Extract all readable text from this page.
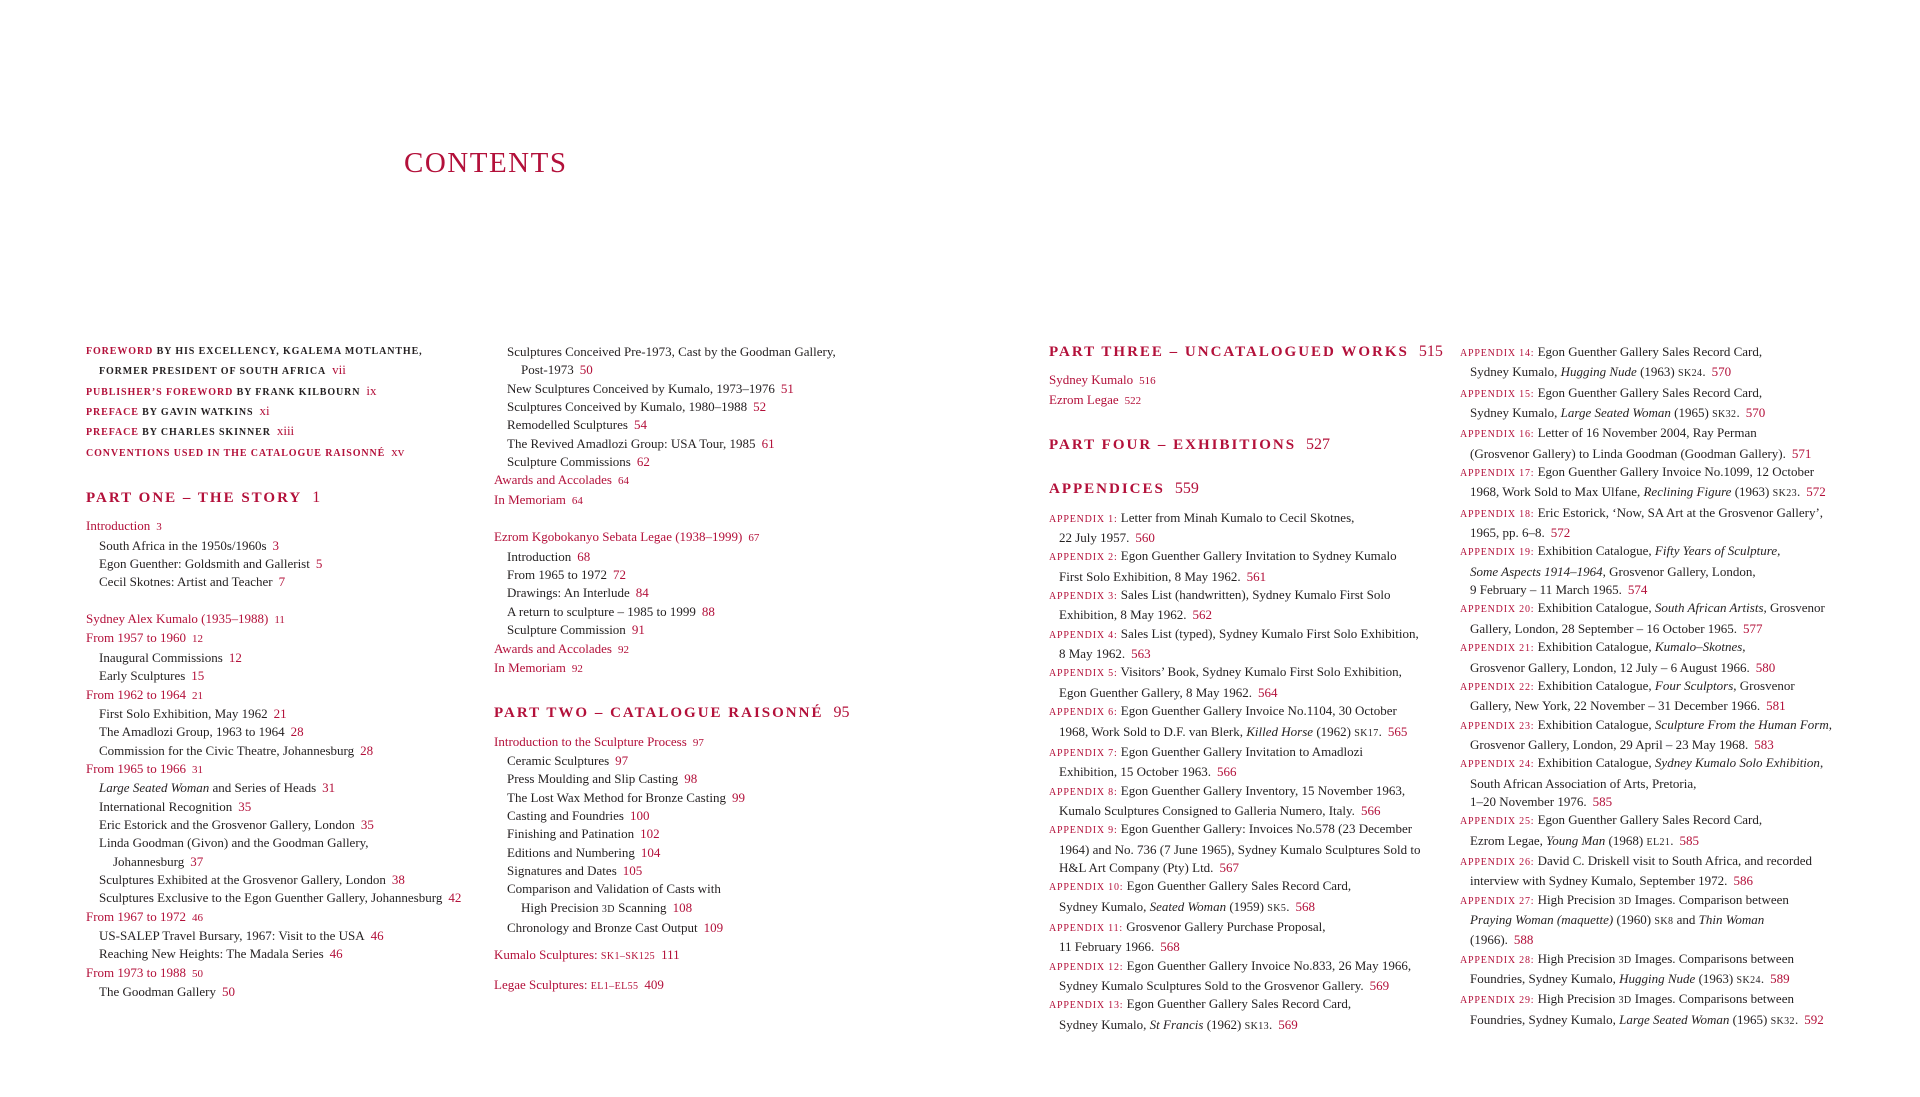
CONTENTS
FOREWORD BY HIS EXCELLENCY, KGALEMA MOTLANTHE,
FORMER PRESIDENT OF SOUTH AFRICA vii
PUBLISHER’S FOREWORD BY FRANK KILBOURN ix
PREFACE BY GAVIN WATKINS xi
PREFACE BY CHARLES SKINNER xiii
CONVENTIONS USED IN THE CATALOGUE RAISONNÉ xv
PART ONE – THE STORY 1
Introduction 3
South Africa in the 1950s/1960s 3
Egon Guenther: Goldsmith and Gallerist 5
Cecil Skotnes: Artist and Teacher 7
Sydney Alex Kumalo (1935–1988) 11
From 1957 to 1960 12
Inaugural Commissions 12
Early Sculptures 15
From 1962 to 1964 21
First Solo Exhibition, May 1962 21
The Amadlozi Group, 1963 to 1964 28
Commission for the Civic Theatre, Johannesburg 28
From 1965 to 1966 31
Large Seated Woman and Series of Heads 31
International Recognition 35
Eric Estorick and the Grosvenor Gallery, London 35
Linda Goodman (Givon) and the Goodman Gallery,
Johannesburg 37
Sculptures Exhibited at the Grosvenor Gallery, London 38
Sculptures Exclusive to the Egon Guenther Gallery, Johannesburg 42
From 1967 to 1972 46
US-SALEP Travel Bursary, 1967: Visit to the USA 46
Reaching New Heights: The Madala Series 46
From 1973 to 1988 50
The Goodman Gallery 50
Sculptures Conceived Pre-1973, Cast by the Goodman Gallery,
Post-1973 50
New Sculptures Conceived by Kumalo, 1973–1976 51
Sculptures Conceived by Kumalo, 1980–1988 52
Remodelled Sculptures 54
The Revived Amadlozi Group: USA Tour, 1985 61
Sculpture Commissions 62
Awards and Accolades 64
In Memoriam 64
Ezrom Kgobokanyo Sebata Legae (1938–1999) 67
Introduction 68
From 1965 to 1972 72
Drawings: An Interlude 84
A return to sculpture – 1985 to 1999 88
Sculpture Commission 91
Awards and Accolades 92
In Memoriam 92
PART TWO – CATALOGUE RAISONNÉ 95
Introduction to the Sculpture Process 97
Ceramic Sculptures 97
Press Moulding and Slip Casting 98
The Lost Wax Method for Bronze Casting 99
Casting and Foundries 100
Finishing and Patination 102
Editions and Numbering 104
Signatures and Dates 105
Comparison and Validation of Casts with
High Precision 3D Scanning 108
Chronology and Bronze Cast Output 109
Kumalo Sculptures: SK1–SK125 111
Legae Sculptures: EL1–EL55 409
PART THREE – UNCATALOGUED WORKS 515
Sydney Kumalo 516
Ezrom Legae 522
PART FOUR – EXHIBITIONS 527
APPENDICES 559
APPENDIX 1: Letter from Minah Kumalo to Cecil Skotnes,
22 July 1957. 560
APPENDIX 2: Egon Guenther Gallery Invitation to Sydney Kumalo
First Solo Exhibition, 8 May 1962. 561
APPENDIX 3: Sales List (handwritten), Sydney Kumalo First Solo
Exhibition, 8 May 1962. 562
APPENDIX 4: Sales List (typed), Sydney Kumalo First Solo Exhibition,
8 May 1962. 563
APPENDIX 5: Visitors’ Book, Sydney Kumalo First Solo Exhibition,
Egon Guenther Gallery, 8 May 1962. 564
APPENDIX 6: Egon Guenther Gallery Invoice No.1104, 30 October
1968, Work Sold to D.F. van Blerk, Killed Horse (1962) SK17. 565
APPENDIX 7: Egon Guenther Gallery Invitation to Amadlozi
Exhibition, 15 October 1963. 566
APPENDIX 8: Egon Guenther Gallery Inventory, 15 November 1963,
Kumalo Sculptures Consigned to Galleria Numero, Italy. 566
APPENDIX 9: Egon Guenther Gallery: Invoices No.578 (23 December
1964) and No. 736 (7 June 1965), Sydney Kumalo Sculptures Sold to
H&L Art Company (Pty) Ltd. 567
APPENDIX 10: Egon Guenther Gallery Sales Record Card,
Sydney Kumalo, Seated Woman (1959) SK5. 568
APPENDIX 11: Grosvenor Gallery Purchase Proposal,
11 February 1966. 568
APPENDIX 12: Egon Guenther Gallery Invoice No.833, 26 May 1966,
Sydney Kumalo Sculptures Sold to the Grosvenor Gallery. 569
APPENDIX 13: Egon Guenther Gallery Sales Record Card,
Sydney Kumalo, St Francis (1962) SK13. 569
APPENDIX 14: Egon Guenther Gallery Sales Record Card,
Sydney Kumalo, Hugging Nude (1963) SK24. 570
APPENDIX 15: Egon Guenther Gallery Sales Record Card,
Sydney Kumalo, Large Seated Woman (1965) SK32. 570
APPENDIX 16: Letter of 16 November 2004, Ray Perman
(Grosvenor Gallery) to Linda Goodman (Goodman Gallery). 571
APPENDIX 17: Egon Guenther Gallery Invoice No.1099, 12 October
1968, Work Sold to Max Ulfane, Reclining Figure (1963) SK23. 572
APPENDIX 18: Eric Estorick, ‘Now, SA Art at the Grosvenor Gallery’,
1965, pp. 6–8. 572
APPENDIX 19: Exhibition Catalogue, Fifty Years of Sculpture,
Some Aspects 1914–1964, Grosvenor Gallery, London,
9 February – 11 March 1965. 574
APPENDIX 20: Exhibition Catalogue, South African Artists, Grosvenor
Gallery, London, 28 September – 16 October 1965. 577
APPENDIX 21: Exhibition Catalogue, Kumalo–Skotnes,
Grosvenor Gallery, London, 12 July – 6 August 1966. 580
APPENDIX 22: Exhibition Catalogue, Four Sculptors, Grosvenor
Gallery, New York, 22 November – 31 December 1966. 581
APPENDIX 23: Exhibition Catalogue, Sculpture From the Human Form,
Grosvenor Gallery, London, 29 April – 23 May 1968. 583
APPENDIX 24: Exhibition Catalogue, Sydney Kumalo Solo Exhibition,
South African Association of Arts, Pretoria,
1–20 November 1976. 585
APPENDIX 25: Egon Guenther Gallery Sales Record Card,
Ezrom Legae, Young Man (1968) EL21. 585
APPENDIX 26: David C. Driskell visit to South Africa, and recorded
interview with Sydney Kumalo, September 1972. 586
APPENDIX 27: High Precision 3D Images. Comparison between
Praying Woman (maquette) (1960) SK8 and Thin Woman
(1966). 588
APPENDIX 28: High Precision 3D Images. Comparisons between
Foundries, Sydney Kumalo, Hugging Nude (1963) SK24. 589
APPENDIX 29: High Precision 3D Images. Comparisons between
Foundries, Sydney Kumalo, Large Seated Woman (1965) SK32. 592
